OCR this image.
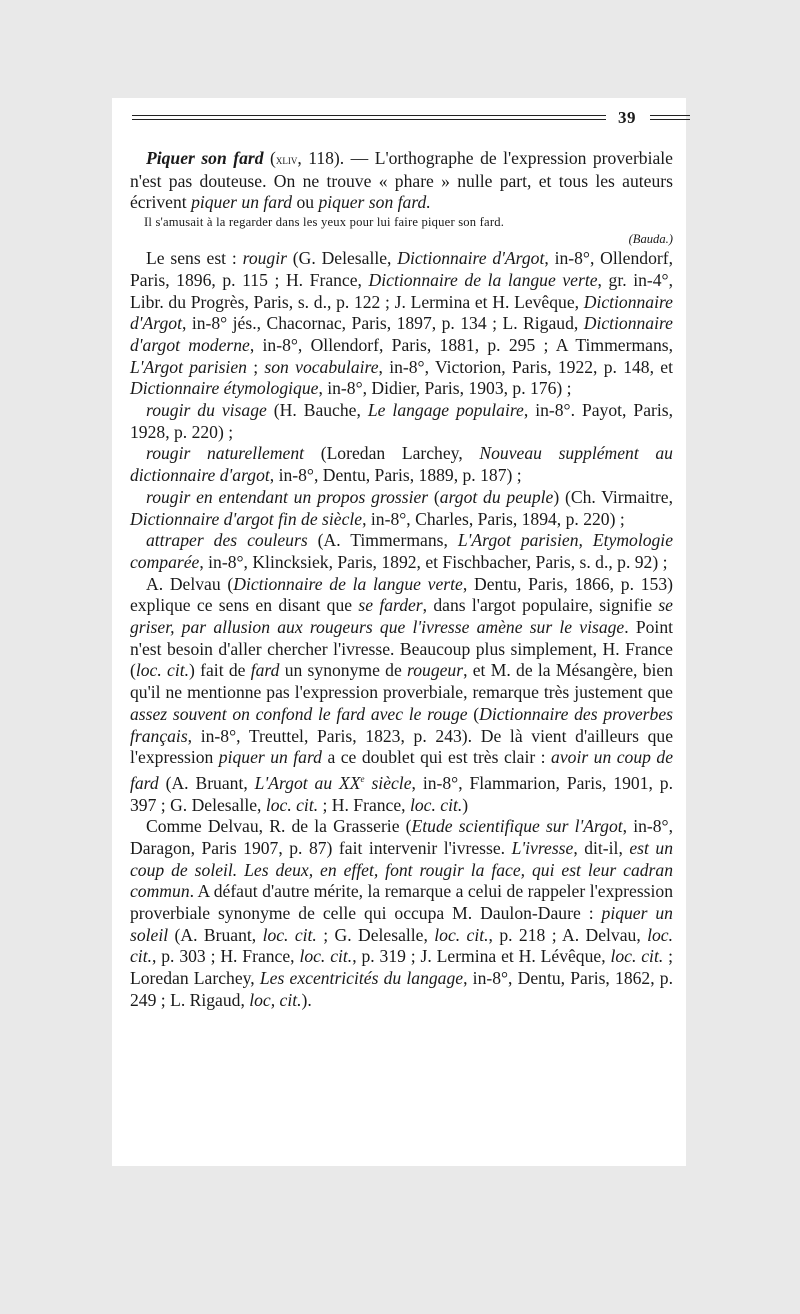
39

Piquer son fard (xliv, 118). — L'orthographe de l'expression proverbiale n'est pas douteuse. On ne trouve « phare » nulle part, et tous les auteurs écrivent piquer un fard ou piquer son fard.

Il s'amusait à la regarder dans les yeux pour lui faire piquer son fard.

(Bauda.)

Le sens est : rougir (G. Delesalle, Dictionnaire d'Argot, in-8°, Ollendorf, Paris, 1896, p. 115 ; H. France, Dictionnaire de la langue verte, gr. in-4°, Libr. du Progrès, Paris, s. d., p. 122 ; J. Lermina et H. Levêque, Dictionnaire d'Argot, in-8° jés., Chacornac, Paris, 1897, p. 134 ; L. Rigaud, Dictionnaire d'argot moderne, in-8°, Ollendorf, Paris, 1881, p. 295 ; A Timmermans, L'Argot parisien ; son vocabulaire, in-8°, Victorion, Paris, 1922, p. 148, et Dictionnaire étymologique, in-8°, Didier, Paris, 1903, p. 176) ;

rougir du visage (H. Bauche, Le langage populaire, in-8°. Payot, Paris, 1928, p. 220) ;

rougir naturellement (Loredan Larchey, Nouveau supplément au dictionnaire d'argot, in-8°, Dentu, Paris, 1889, p. 187) ;

rougir en entendant un propos grossier (argot du peuple) (Ch. Virmaitre, Dictionnaire d'argot fin de siècle, in-8°, Charles, Paris, 1894, p. 220) ;

attraper des couleurs (A. Timmermans, L'Argot parisien, Etymologie comparée, in-8°, Klincksiek, Paris, 1892, et Fischbacher, Paris, s. d., p. 92) ;

A. Delvau (Dictionnaire de la langue verte, Dentu, Paris, 1866, p. 153) explique ce sens en disant que se farder, dans l'argot populaire, signifie se griser, par allusion aux rougeurs que l'ivresse amène sur le visage. Point n'est besoin d'aller chercher l'ivresse. Beaucoup plus simplement, H. France (loc. cit.) fait de fard un synonyme de rougeur, et M. de la Mésangère, bien qu'il ne mentionne pas l'expression proverbiale, remarque très justement que assez souvent on confond le fard avec le rouge (Dictionnaire des proverbes français, in-8°, Treuttel, Paris, 1823, p. 243). De là vient d'ailleurs que l'expression piquer un fard a ce doublet qui est très clair : avoir un coup de fard (A. Bruant, L'Argot au XXe siècle, in-8°, Flammarion, Paris, 1901, p. 397 ; G. Delesalle, loc. cit. ; H. France, loc. cit.)

Comme Delvau, R. de la Grasserie (Etude scientifique sur l'Argot, in-8°, Daragon, Paris 1907, p. 87) fait intervenir l'ivresse. L'ivresse, dit-il, est un coup de soleil. Les deux, en effet, font rougir la face, qui est leur cadran commun. A défaut d'autre mérite, la remarque a celui de rappeler l'expression proverbiale synonyme de celle qui occupa M. Daulon-Daure : piquer un soleil (A. Bruant, loc. cit. ; G. Delesalle, loc. cit., p. 218 ; A. Delvau, loc. cit., p. 303 ; H. France, loc. cit., p. 319 ; J. Lermina et H. Lévêque, loc. cit. ; Loredan Larchey, Les excentricités du langage, in-8°, Dentu, Paris, 1862, p. 249 ; L. Rigaud, loc, cit.).
